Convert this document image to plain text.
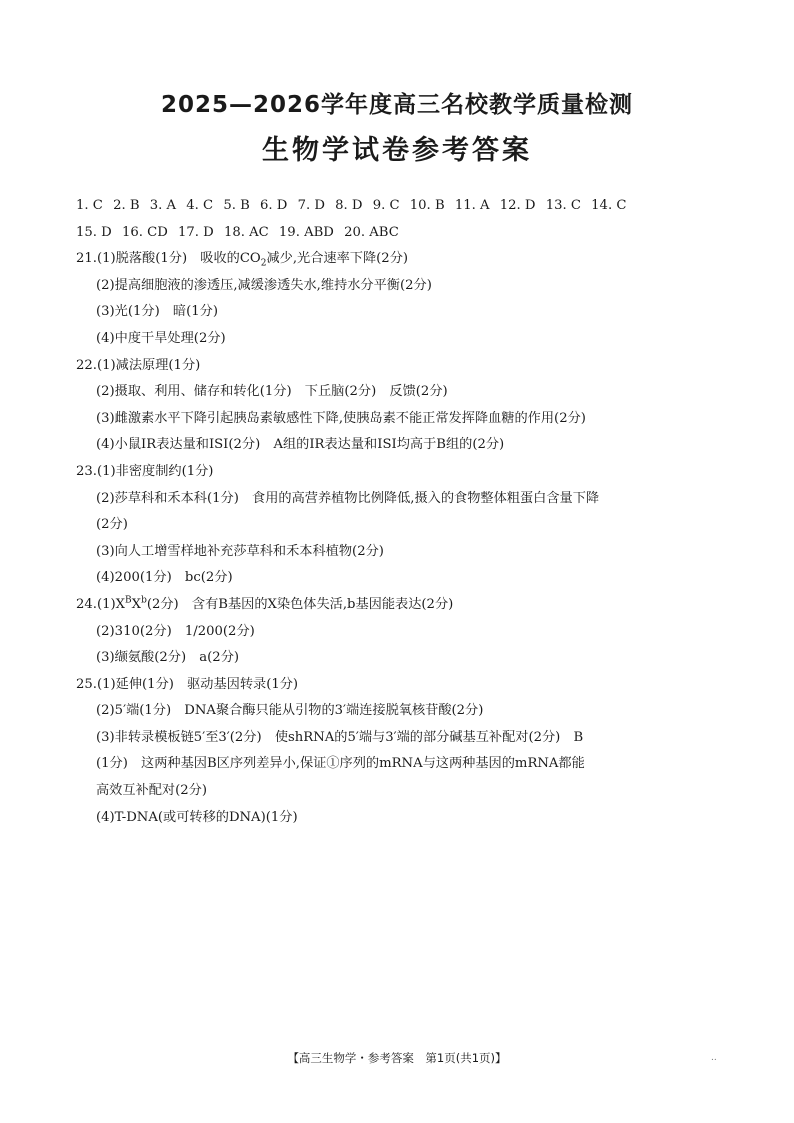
2025—2026学年度高三名校教学质量检测
生物学试卷参考答案
1. C 2. B 3. A 4. C 5. B 6. D 7. D 8. D 9. C 10. B 11. A 12. D 13. C 14. C
15. D 16. CD 17. D 18. AC 19. ABD 20. ABC
21.(1)脱落酸(1分)　吸收的$CO_2$减少,光合速率下降(2分)
(2)提高细胞液的渗透压,减缓渗透失水,维持水分平衡(2分)
(3)光(1分)　暗(1分)
(4)中度干旱处理(2分)
22.(1)减法原理(1分)
(2)摄取、利用、储存和转化(1分)　下丘脑(2分)　反馈(2分)
(3)雌激素水平下降引起胰岛素敏感性下降,使胰岛素不能正常发挥降血糖的作用(2分)
(4)小鼠IR表达量和ISI(2分)　A组的IR表达量和ISI均高于B组的(2分)
23.(1)非密度制约(1分)
(2)莎草科和禾本科(1分)　食用的高营养植物比例降低,摄入的食物整体粗蛋白含量下降
(2分)
(3)向人工增雪样地补充莎草科和禾本科植物(2分)
(4)200(1分)　bc(2分)
$24.(1)X^BX^b(2$分)　含有B基因的X染色体失活,b基因能表达(2分)
(2)310(2分)　1/200(2分)
(3)缬氨酸(2分)　a(2分)
25.(1)延伸(1分)　驱动基因转录(1分)
(2)5′端(1分)　DNA聚合酶只能从引物的3′端连接脱氧核苷酸(2分)
(3)非转录模板链5′至3′(2分)　使shRNA的5′端与3′端的部分碱基互补配对(2分)　B
(1分)　这两种基因B区序列差异小,保证①序列的mRNA与这两种基因的mRNA都能
高效互补配对(2分)
(4)T-DNA(或可转移的DNA)(1分)
【高三生物学・参考答案　第1页(共1页)】	..
